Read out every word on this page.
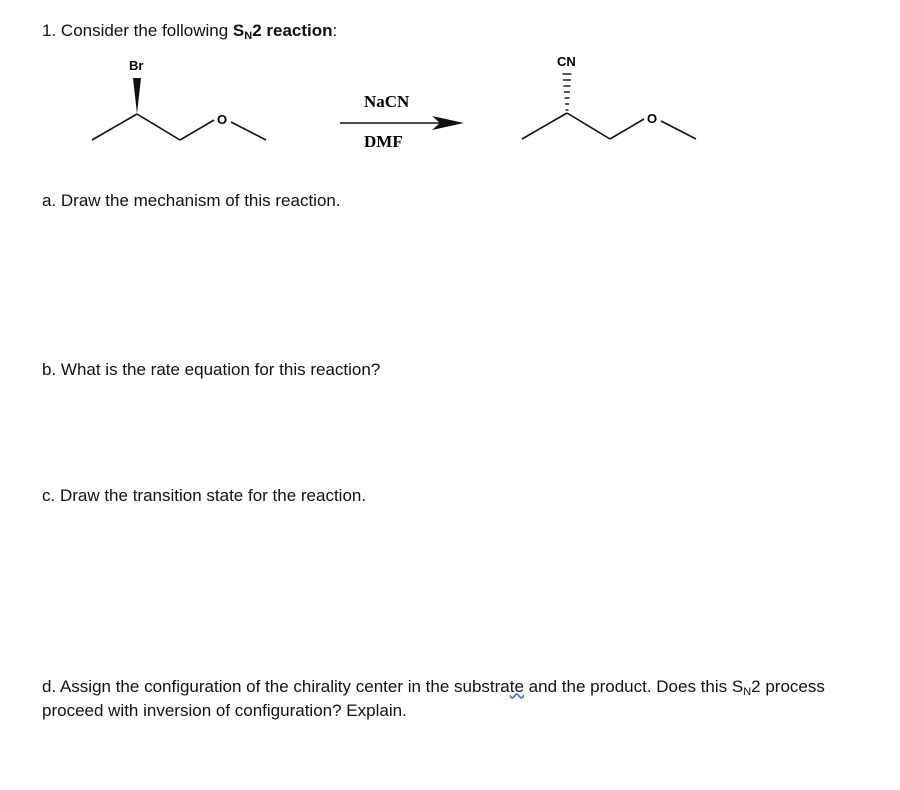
1. Consider the following SN2 reaction:
Br
O
NaCN
DMF
CN
O
a. Draw the mechanism of this reaction.
b. What is the rate equation for this reaction?
c. Draw the transition state for the reaction.
d. Assign the configuration of the chirality center in the substrate and the product. Does this SN2 process proceed with inversion of configuration? Explain.
